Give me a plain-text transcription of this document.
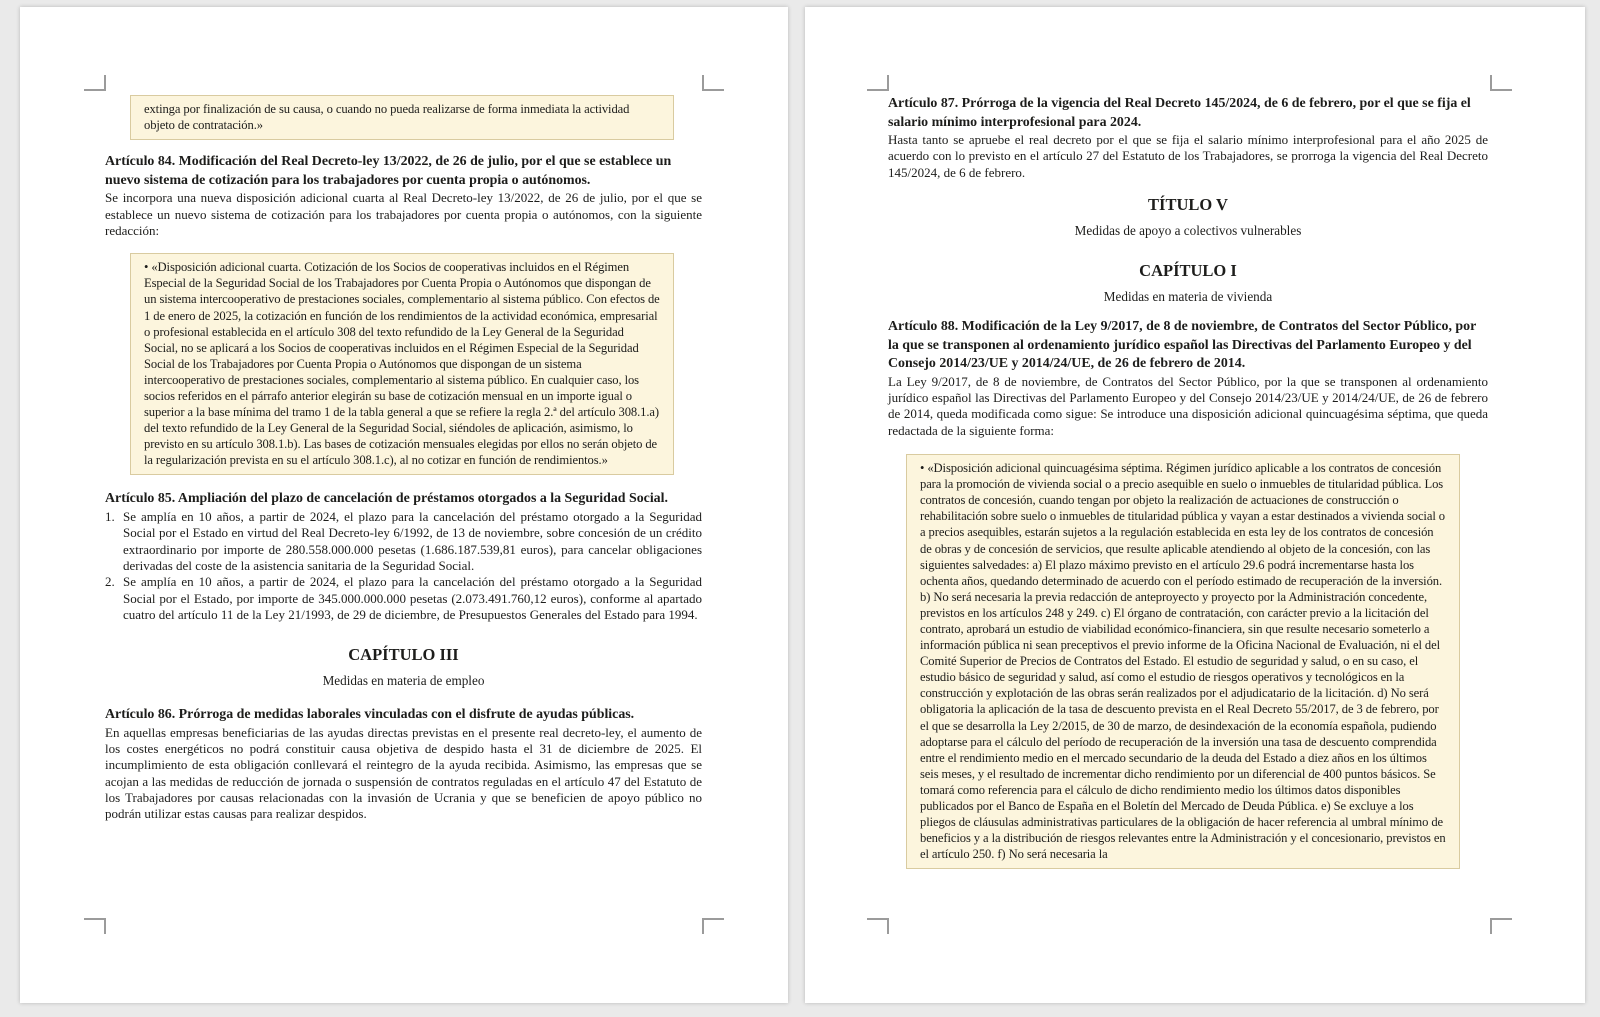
extinga por finalización de su causa, o cuando no pueda realizarse de forma inmediata la actividad objeto de contratación.»

Artículo 84. Modificación del Real Decreto-ley 13/2022, de 26 de julio, por el que se establece un nuevo sistema de cotización para los trabajadores por cuenta propia o autónomos.

Se incorpora una nueva disposición adicional cuarta al Real Decreto-ley 13/2022, de 26 de julio, por el que se establece un nuevo sistema de cotización para los trabajadores por cuenta propia o autónomos, con la siguiente redacción:

• «Disposición adicional cuarta. Cotización de los Socios de cooperativas incluidos en el Régimen Especial de la Seguridad Social de los Trabajadores por Cuenta Propia o Autónomos que dispongan de un sistema intercooperativo de prestaciones sociales, complementario al sistema público. Con efectos de 1 de enero de 2025, la cotización en función de los rendimientos de la actividad económica, empresarial o profesional establecida en el artículo 308 del texto refundido de la Ley General de la Seguridad Social, no se aplicará a los Socios de cooperativas incluidos en el Régimen Especial de la Seguridad Social de los Trabajadores por Cuenta Propia o Autónomos que dispongan de un sistema intercooperativo de prestaciones sociales, complementario al sistema público. En cualquier caso, los socios referidos en el párrafo anterior elegirán su base de cotización mensual en un importe igual o superior a la base mínima del tramo 1 de la tabla general a que se refiere la regla 2.ª del artículo 308.1.a) del texto refundido de la Ley General de la Seguridad Social, siéndoles de aplicación, asimismo, lo previsto en su artículo 308.1.b). Las bases de cotización mensuales elegidas por ellos no serán objeto de la regularización prevista en su el artículo 308.1.c), al no cotizar en función de rendimientos.»

Artículo 85. Ampliación del plazo de cancelación de préstamos otorgados a la Seguridad Social.

1. Se amplía en 10 años, a partir de 2024, el plazo para la cancelación del préstamo otorgado a la Seguridad Social por el Estado en virtud del Real Decreto-ley 6/1992, de 13 de noviembre, sobre concesión de un crédito extraordinario por importe de 280.558.000.000 pesetas (1.686.187.539,81 euros), para cancelar obligaciones derivadas del coste de la asistencia sanitaria de la Seguridad Social.
2. Se amplía en 10 años, a partir de 2024, el plazo para la cancelación del préstamo otorgado a la Seguridad Social por el Estado, por importe de 345.000.000.000 pesetas (2.073.491.760,12 euros), conforme al apartado cuatro del artículo 11 de la Ley 21/1993, de 29 de diciembre, de Presupuestos Generales del Estado para 1994.

CAPÍTULO III

Medidas en materia de empleo

Artículo 86. Prórroga de medidas laborales vinculadas con el disfrute de ayudas públicas.

En aquellas empresas beneficiarias de las ayudas directas previstas en el presente real decreto-ley, el aumento de los costes energéticos no podrá constituir causa objetiva de despido hasta el 31 de diciembre de 2025. El incumplimiento de esta obligación conllevará el reintegro de la ayuda recibida. Asimismo, las empresas que se acojan a las medidas de reducción de jornada o suspensión de contratos reguladas en el artículo 47 del Estatuto de los Trabajadores por causas relacionadas con la invasión de Ucrania y que se beneficien de apoyo público no podrán utilizar estas causas para realizar despidos.

Artículo 87. Prórroga de la vigencia del Real Decreto 145/2024, de 6 de febrero, por el que se fija el salario mínimo interprofesional para 2024.

Hasta tanto se apruebe el real decreto por el que se fija el salario mínimo interprofesional para el año 2025 de acuerdo con lo previsto en el artículo 27 del Estatuto de los Trabajadores, se prorroga la vigencia del Real Decreto 145/2024, de 6 de febrero.

TÍTULO V

Medidas de apoyo a colectivos vulnerables

CAPÍTULO I

Medidas en materia de vivienda

Artículo 88. Modificación de la Ley 9/2017, de 8 de noviembre, de Contratos del Sector Público, por la que se transponen al ordenamiento jurídico español las Directivas del Parlamento Europeo y del Consejo 2014/23/UE y 2014/24/UE, de 26 de febrero de 2014.

La Ley 9/2017, de 8 de noviembre, de Contratos del Sector Público, por la que se transponen al ordenamiento jurídico español las Directivas del Parlamento Europeo y del Consejo 2014/23/UE y 2014/24/UE, de 26 de febrero de 2014, queda modificada como sigue: Se introduce una disposición adicional quincuagésima séptima, que queda redactada de la siguiente forma:

• «Disposición adicional quincuagésima séptima. Régimen jurídico aplicable a los contratos de concesión para la promoción de vivienda social o a precio asequible en suelo o inmuebles de titularidad pública. Los contratos de concesión, cuando tengan por objeto la realización de actuaciones de construcción o rehabilitación sobre suelo o inmuebles de titularidad pública y vayan a estar destinados a vivienda social o a precios asequibles, estarán sujetos a la regulación establecida en esta ley de los contratos de concesión de obras y de concesión de servicios, que resulte aplicable atendiendo al objeto de la concesión, con las siguientes salvedades: a) El plazo máximo previsto en el artículo 29.6 podrá incrementarse hasta los ochenta años, quedando determinado de acuerdo con el período estimado de recuperación de la inversión. b) No será necesaria la previa redacción de anteproyecto y proyecto por la Administración concedente, previstos en los artículos 248 y 249. c) El órgano de contratación, con carácter previo a la licitación del contrato, aprobará un estudio de viabilidad económico-financiera, sin que resulte necesario someterlo a información pública ni sean preceptivos el previo informe de la Oficina Nacional de Evaluación, ni el del Comité Superior de Precios de Contratos del Estado. El estudio de seguridad y salud, o en su caso, el estudio básico de seguridad y salud, así como el estudio de riesgos operativos y tecnológicos en la construcción y explotación de las obras serán realizados por el adjudicatario de la licitación. d) No será obligatoria la aplicación de la tasa de descuento prevista en el Real Decreto 55/2017, de 3 de febrero, por el que se desarrolla la Ley 2/2015, de 30 de marzo, de desindexación de la economía española, pudiendo adoptarse para el cálculo del período de recuperación de la inversión una tasa de descuento comprendida entre el rendimiento medio en el mercado secundario de la deuda del Estado a diez años en los últimos seis meses, y el resultado de incrementar dicho rendimiento por un diferencial de 400 puntos básicos. Se tomará como referencia para el cálculo de dicho rendimiento medio los últimos datos disponibles publicados por el Banco de España en el Boletín del Mercado de Deuda Pública. e) Se excluye a los pliegos de cláusulas administrativas particulares de la obligación de hacer referencia al umbral mínimo de beneficios y a la distribución de riesgos relevantes entre la Administración y el concesionario, previstos en el artículo 250. f) No será necesaria la
